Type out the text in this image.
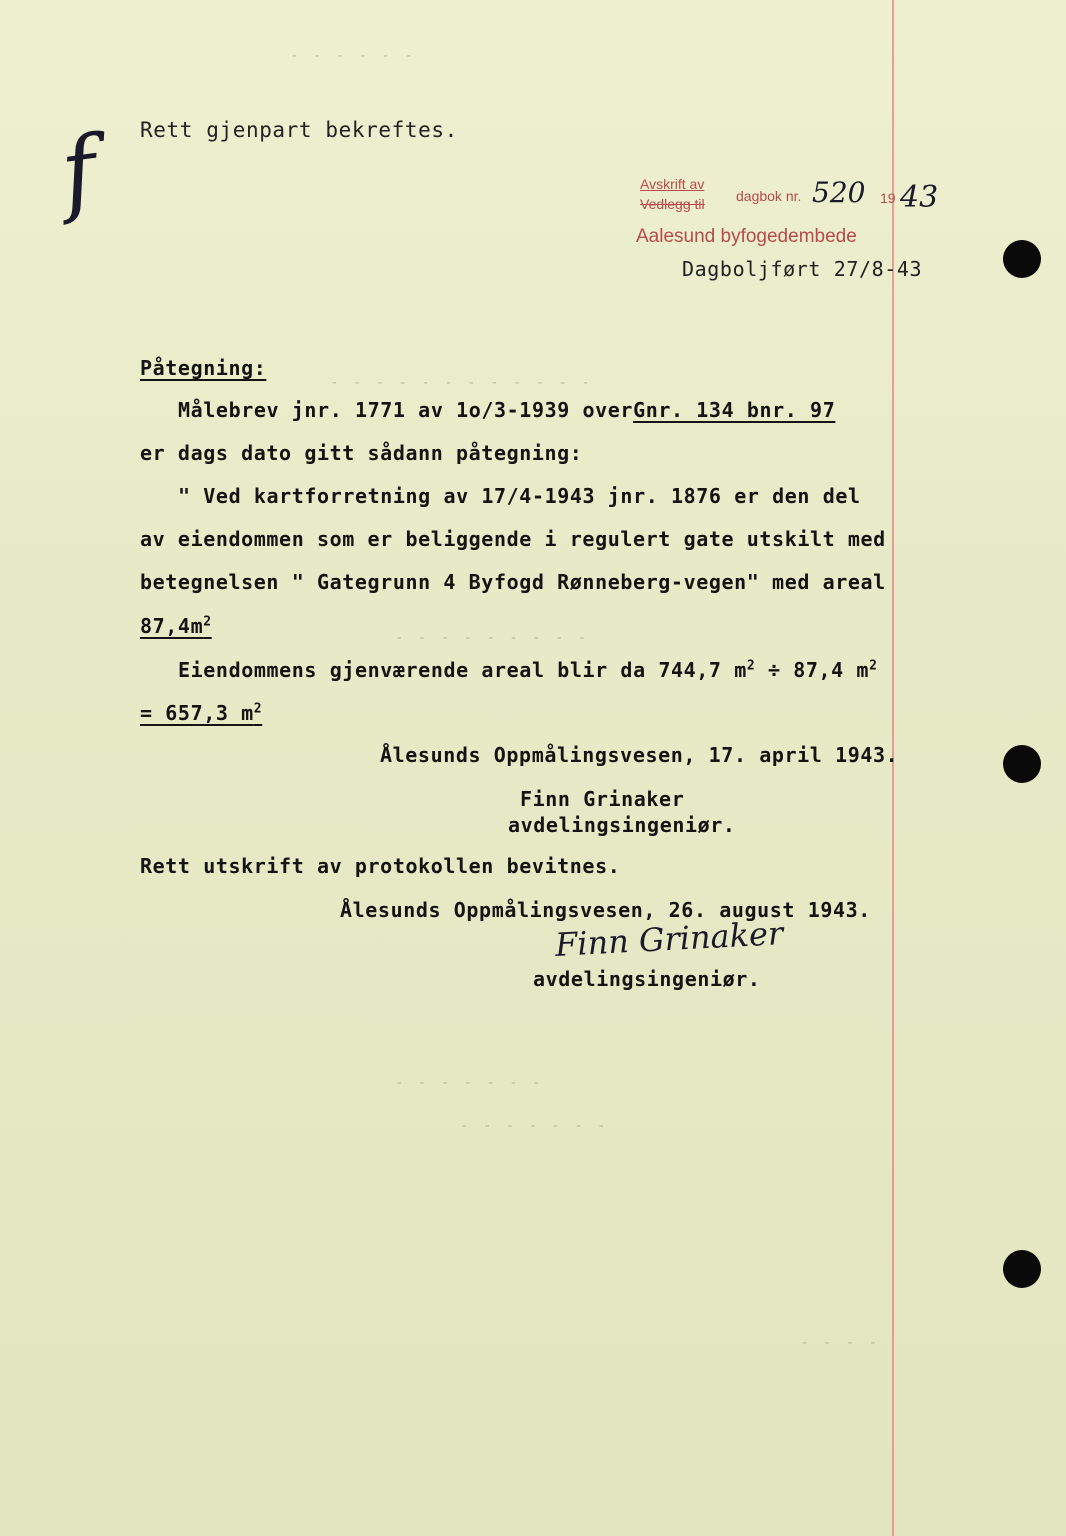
- - - - - -
- - - - - - - - - - - -
- - - - - - - - -
- - - - - - -
- - - - - - -
- - - -
f Rett gjenpart bekreftes.
Avskrift av
Vedlegg til dagbok nr. 520 19 43
Aalesund byfogedembede
Dagboljført 27/8-43
Påtegning:
Målebrev jnr. 1771 av 1o/3-1939 overGnr. 134 bnr. 97
er dags dato gitt sådann påtegning:
" Ved kartforretning av 17/4-1943 jnr. 1876 er den del
av eiendommen som er beliggende i regulert gate utskilt med
betegnelsen " Gategrunn 4 Byfogd Rønneberg-vegen" med areal
$87,4m^2$
Eiendommens gjenværende areal blir da 744,7 $m^2 \div 87,4$ $m^2$
= 657,3 $m^2$
Ålesunds Oppmålingsvesen, 17. april 1943.
Finn Grinaker
avdelingsingeniør.
Rett utskrift av protokollen bevitnes.
Ålesunds Oppmålingsvesen, 26. august 1943.
Finn Grinaker
avdelingsingeniør.
